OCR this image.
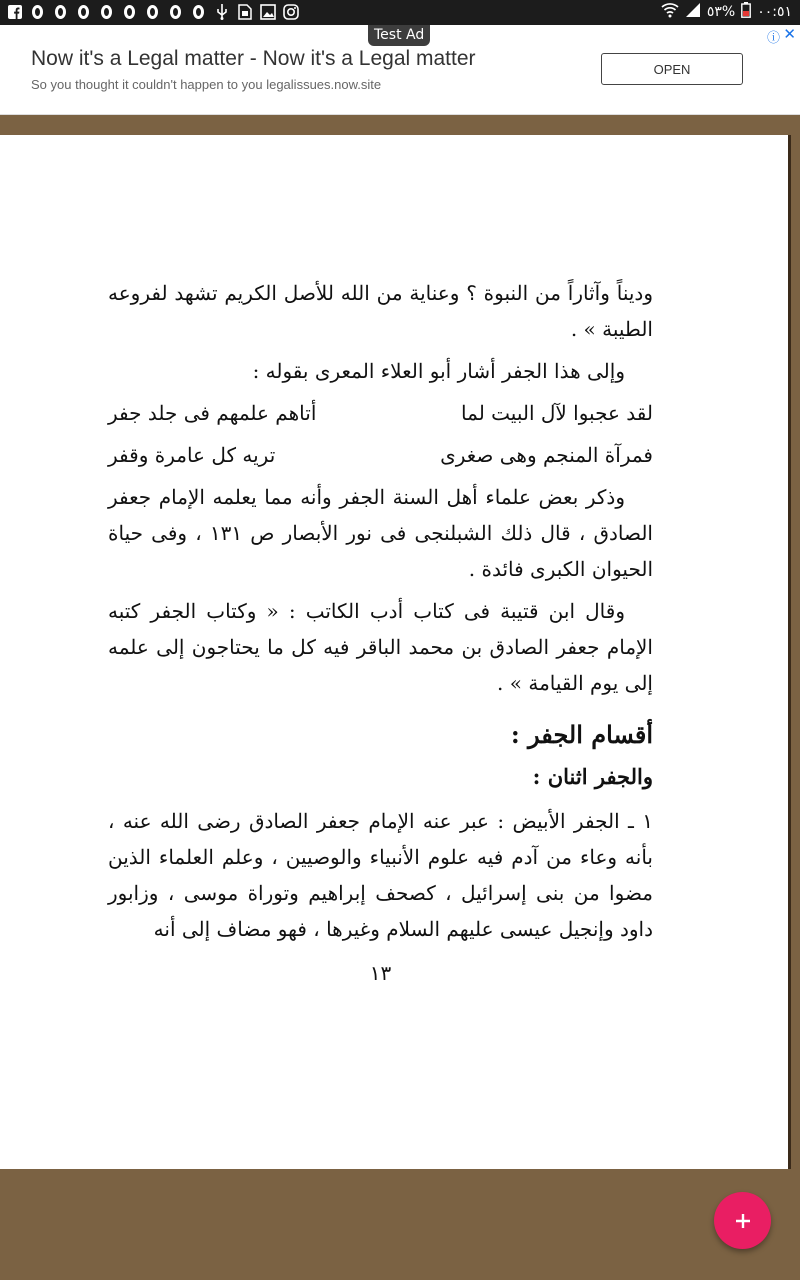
٥٣% ٠٠:٥١
Test Ad
Now it's a Legal matter - Now it's a Legal matter
So you thought it couldn't happen to you legalissues.now.site
OPEN
ⓘ ✕

وديناً وآثاراً من النبوة ؟ وعناية من الله للأصل الكريم تشهد لفروعه الطيبة » .

وإلى هذا الجفر أشار أبو العلاء المعرى بقوله :

لقد عجبوا لآل البيت لما
أتاهم علمهم فى جلد جفر
فمرآة المنجم وهى صغرى
تريه كل عامرة وقفر

وذكر بعض علماء أهل السنة الجفر وأنه مما يعلمه الإمام جعفر الصادق ، قال ذلك الشبلنجى فى نور الأبصار ص ١٣١ ، وفى حياة الحيوان الكبرى فائدة .

وقال ابن قتيبة فى كتاب أدب الكاتب : « وكتاب الجفر كتبه الإمام جعفر الصادق بن محمد الباقر فيه كل ما يحتاجون إلى علمه إلى يوم القيامة » .

أقسام الجفر :

والجفر اثنان :

١ ـ الجفر الأبيض : عبر عنه الإمام جعفر الصادق رضى الله عنه ، بأنه وعاء من آدم فيه علوم الأنبياء والوصيين ، وعلم العلماء الذين مضوا من بنى إسرائيل ، كصحف إبراهيم وتوراة موسى ، وزابور داود وإنجيل عيسى عليهم السلام وغيرها ، فهو مضاف إلى أنه

١٣
